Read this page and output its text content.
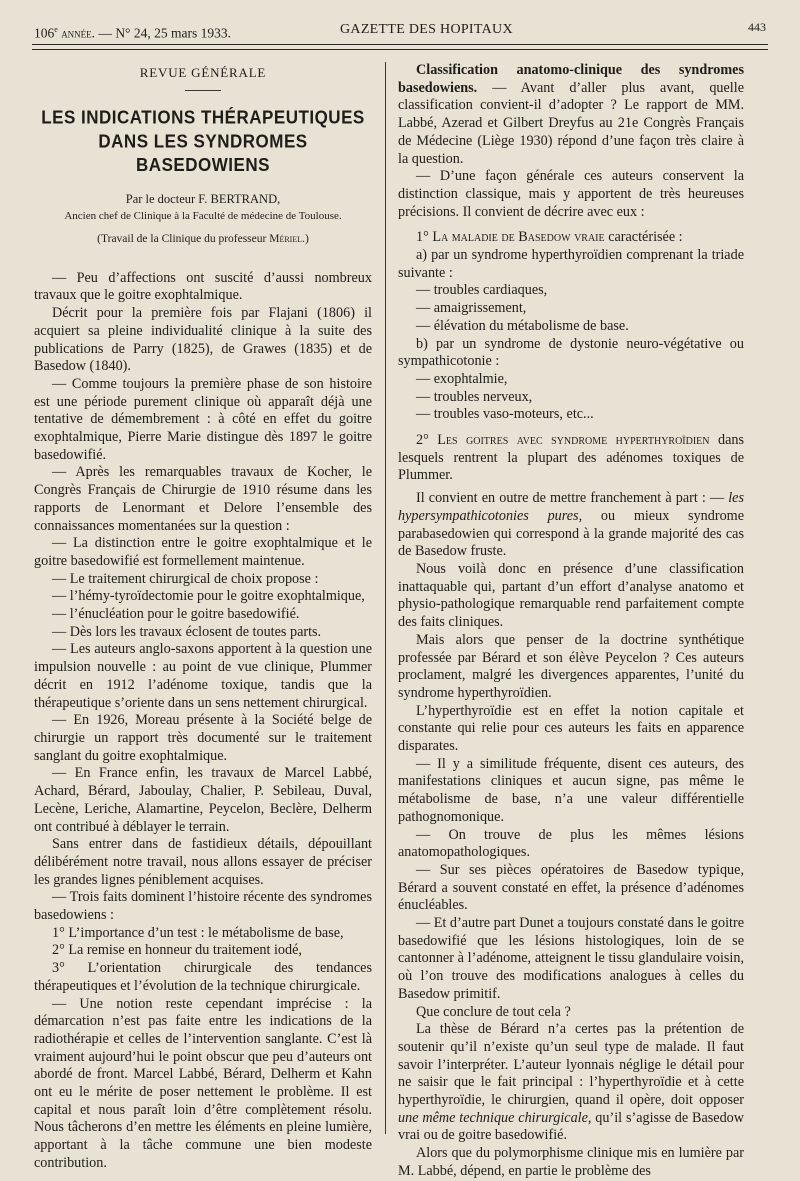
106e année. — N° 24, 25 mars 1933.	GAZETTE DES HOPITAUX	443
REVUE GÉNÉRALE
LES INDICATIONS THÉRAPEUTIQUES
DANS LES SYNDROMES BASEDOWIENS
Par le docteur F. BERTRAND,
Ancien chef de Clinique à la Faculté de médecine de Toulouse.
(Travail de la Clinique du professeur Mériel.)

— Peu d’affections ont suscité d’aussi nombreux travaux que le goitre exophtalmique.

Décrit pour la première fois par Flajani (1806) il acquiert sa pleine individualité clinique à la suite des publications de Parry (1825), de Grawes (1835) et de Basedow (1840).

— Comme toujours la première phase de son histoire est une période purement clinique où apparaît déjà une tentative de démembrement : à côté en effet du goitre exophtalmique, Pierre Marie distingue dès 1897 le goitre basedowifié.

— Après les remarquables travaux de Kocher, le Congrès Français de Chirurgie de 1910 résume dans les rapports de Lenormant et Delore l’ensemble des connaissances momentanées sur la question :

— La distinction entre le goitre exophtalmique et le goitre basedowifié est formellement maintenue.

— Le traitement chirurgical de choix propose :

— l’hémy-tyroïdectomie pour le goitre exophtalmique,

— l’énucléation pour le goitre basedowifié.

— Dès lors les travaux éclosent de toutes parts.

— Les auteurs anglo-saxons apportent à la question une impulsion nouvelle : au point de vue clinique, Plummer décrit en 1912 l’adénome toxique, tandis que la thérapeutique s’oriente dans un sens nettement chirurgical.

— En 1926, Moreau présente à la Société belge de chirurgie un rapport très documenté sur le traitement sanglant du goitre exophtalmique.

— En France enfin, les travaux de Marcel Labbé, Achard, Bérard, Jaboulay, Chalier, P. Sebileau, Duval, Lecène, Leriche, Alamartine, Peycelon, Beclère, Delherm ont contribué à déblayer le terrain.

Sans entrer dans de fastidieux détails, dépouillant délibérément notre travail, nous allons essayer de préciser les grandes lignes péniblement acquises.

— Trois faits dominent l’histoire récente des syndromes basedowiens :

1° L’importance d’un test : le métabolisme de base,

2° La remise en honneur du traitement iodé,

3° L’orientation chirurgicale des tendances thérapeutiques et l’évolution de la technique chirurgicale.

— Une notion reste cependant imprécise : la démarcation n’est pas faite entre les indications de la radiothérapie et celles de l’intervention sanglante. C’est là vraiment aujourd’hui le point obscur que peu d’auteurs ont abordé de front. Marcel Labbé, Bérard, Delherm et Kahn ont eu le mérite de poser nettement le problème. Il est capital et nous paraît loin d’être complètement résolu. Nous tâcherons d’en mettre les éléments en pleine lumière, apportant à la tâche commune une bien modeste contribution.

Classification anatomo-clinique des syndromes basedowiens. — Avant d’aller plus avant, quelle classification convient-il d’adopter ? Le rapport de MM. Labbé, Azerad et Gilbert Dreyfus au 21e Congrès Français de Médecine (Liège 1930) répond d’une façon très claire à la question.

— D’une façon générale ces auteurs conservent la distinction classique, mais y apportent de très heureuses précisions. Il convient de décrire avec eux :

1° La maladie de Basedow vraie caractérisée :

a) par un syndrome hyperthyroïdien comprenant la triade suivante :

— troubles cardiaques,

— amaigrissement,

— élévation du métabolisme de base.

b) par un syndrome de dystonie neuro-végétative ou sympathicotonie :

— exophtalmie,

— troubles nerveux,

— troubles vaso-moteurs, etc...

2° Les goitres avec syndrome hyperthyroïdien dans lesquels rentrent la plupart des adénomes toxiques de Plummer.

Il convient en outre de mettre franchement à part : — les hypersympathicotonies pures, ou mieux syndrome parabasedowien qui correspond à la grande majorité des cas de Basedow fruste.

Nous voilà donc en présence d’une classification inattaquable qui, partant d’un effort d’analyse anatomo et physio-pathologique remarquable rend parfaitement compte des faits cliniques.

Mais alors que penser de la doctrine synthétique professée par Bérard et son élève Peycelon ? Ces auteurs proclament, malgré les divergences apparentes, l’unité du syndrome hyperthyroïdien.

L’hyperthyroïdie est en effet la notion capitale et constante qui relie pour ces auteurs les faits en apparence disparates.

— Il y a similitude fréquente, disent ces auteurs, des manifestations cliniques et aucun signe, pas même le métabolisme de base, n’a une valeur différentielle pathognomonique.

— On trouve de plus les mêmes lésions anatomopathologiques.

— Sur ses pièces opératoires de Basedow typique, Bérard a souvent constaté en effet, la présence d’adénomes énucléables.

— Et d’autre part Dunet a toujours constaté dans le goitre basedowifié que les lésions histologiques, loin de se cantonner à l’adénome, atteignent le tissu glandulaire voisin, où l’on trouve des modifications analogues à celles du Basedow primitif.

Que conclure de tout cela ?

La thèse de Bérard n’a certes pas la prétention de soutenir qu’il n’existe qu’un seul type de malade. Il faut savoir l’interpréter. L’auteur lyonnais néglige le détail pour ne saisir que le fait principal : l’hyperthyroïdie et à cette hyperthyroïdie, le chirurgien, quand il opère, doit opposer une même technique chirurgicale, qu’il s’agisse de Basedow vrai ou de goitre basedowifié.

Alors que du polymorphisme clinique mis en lumière par M. Labbé, dépend, en partie le problème des
